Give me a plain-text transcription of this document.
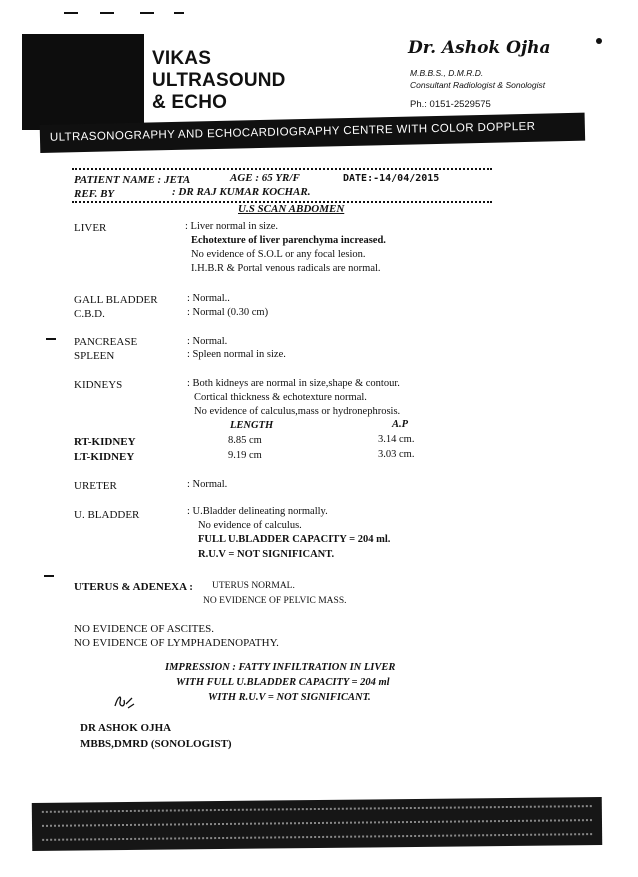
VIKAS
ULTRASOUND
& ECHO
Dr. Ashok Ojha
M.B.B.S., D.M.R.D.
Consultant Radiologist & Sonologist
Ph.: 0151-2529575
ULTRASONOGRAPHY AND ECHOCARDIOGRAPHY CENTRE WITH COLOR DOPPLER
PATIENT NAME : JETA	AGE : 65 YR/F	DATE:-14/04/2015
REF. BY	: DR RAJ KUMAR KOCHAR.
U.S SCAN ABDOMEN
LIVER	: Liver normal in size.
Echotexture of liver parenchyma increased.
No evidence of S.O.L or any focal lesion.
I.H.B.R & Portal venous radicals are normal.
GALL BLADDER	: Normal..
C.B.D.	: Normal (0.30 cm)
PANCREASE	: Normal.
SPLEEN	: Spleen normal in size.
KIDNEYS	: Both kidneys are normal in size,shape & contour.
Cortical thickness & echotexture normal.
No evidence of calculus,mass or hydronephrosis.
LENGTH	A.P
RT-KIDNEY	8.85 cm	3.14 cm.
LT-KIDNEY	9.19 cm	3.03 cm.
URETER	: Normal.
U. BLADDER	: U.Bladder delineating normally.
No evidence of calculus.
FULL U.BLADDER CAPACITY = 204 ml.
R.U.V = NOT SIGNIFICANT.
UTERUS & ADENEXA : UTERUS NORMAL.
NO EVIDENCE OF PELVIC MASS.
NO EVIDENCE OF ASCITES.
NO EVIDENCE OF LYMPHADENOPATHY.
IMPRESSION : FATTY INFILTRATION IN LIVER
WITH FULL U.BLADDER CAPACITY = 204 ml
WITH R.U.V = NOT SIGNIFICANT.
DR ASHOK OJHA
MBBS,DMRD (SONOLOGIST)
